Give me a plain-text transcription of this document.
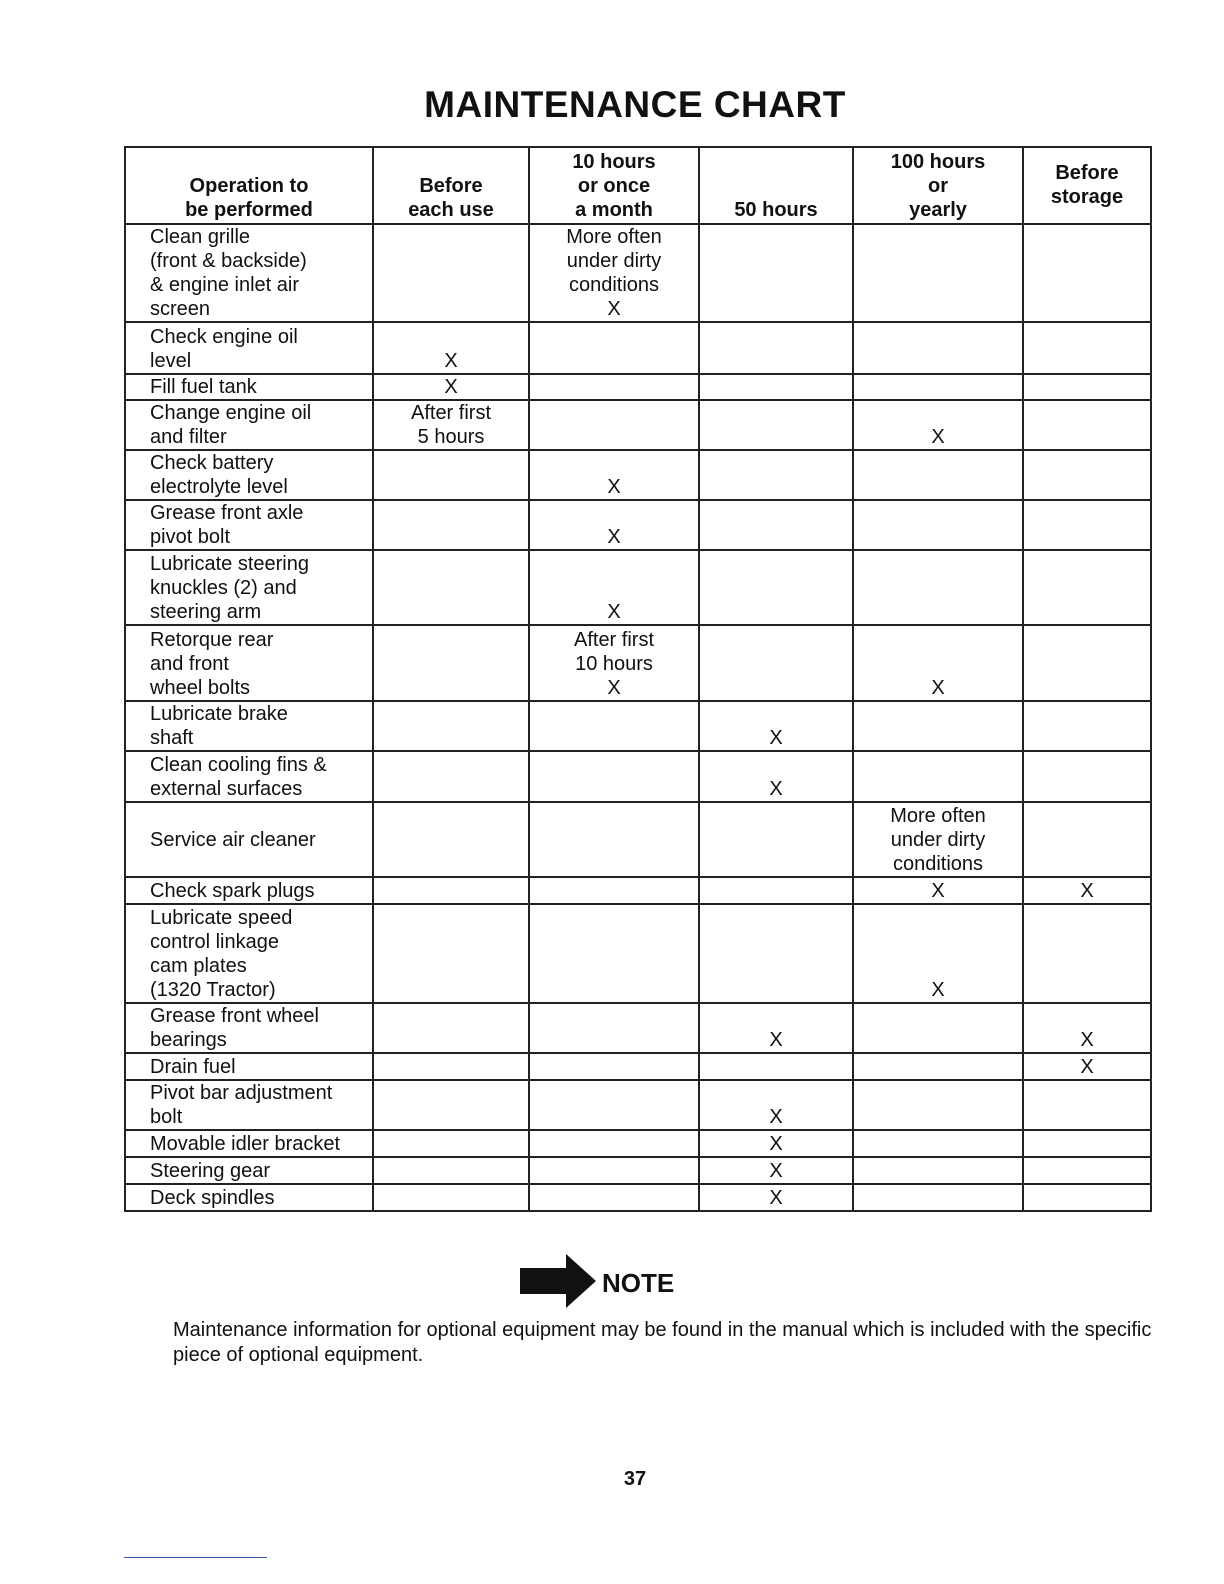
MAINTENANCE CHART
Operation to
be performed	Before
each use	10 hours
or once
a month	50 hours	100 hours
or
yearly	Before
storage

Clean grille
(front & backside)
& engine inlet air
screen		More often
under dirty
conditions
X			

Check engine oil
level	X				

Fill fuel tank	X				

Change engine oil
and filter	After first
5 hours			X	

Check battery
electrolyte level		X			

Grease front axle
pivot bolt		X			

Lubricate steering
knuckles (2) and
steering arm		X			

Retorque rear
and front
wheel bolts		After first
10 hours
X		X	

Lubricate brake
shaft			X		

Clean cooling fins &
external surfaces			X		

Service air cleaner				More often
under dirty
conditions	

Check spark plugs				X	X

Lubricate speed
control linkage
cam plates
(1320 Tractor)				X	

Grease front wheel
bearings			X		X

Drain fuel					X

Pivot bar adjustment
bolt			X		

Movable idler bracket			X		

Steering gear			X		

Deck spindles			X		

NOTE
Maintenance information for optional equipment may be found in the manual which is included with the specific piece of optional equipment.
37
